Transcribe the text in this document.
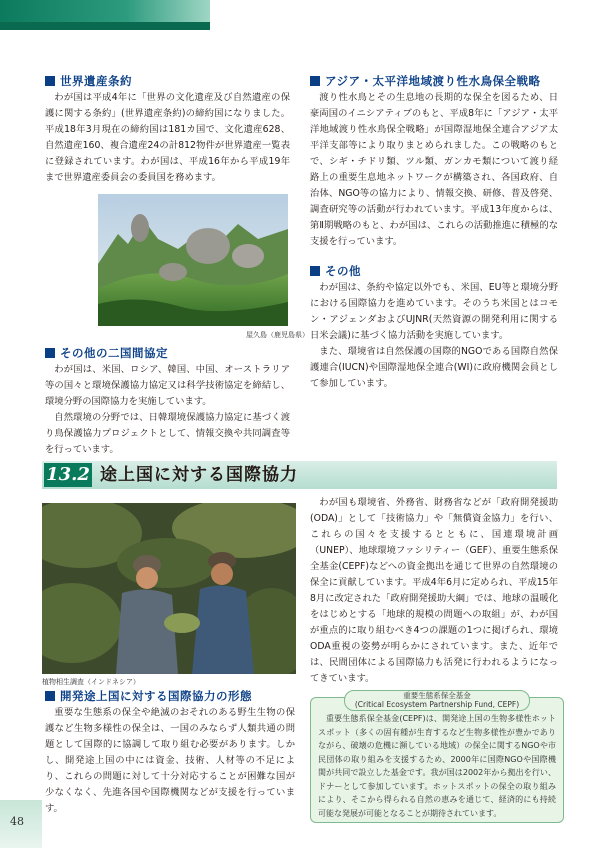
世界遺産条約

わが国は平成4年に「世界の文化遺産及び自然遺産の保護に関する条約」(世界遺産条約)の締約国になりました。平成18年3月現在の締約国は181カ国で、文化遺産628、自然遺産160、複合遺産24の計812物件が世界遺産一覧表に登録されています。わが国は、平成16年から平成19年まで世界遺産委員会の委員国を務めます。

屋久島（鹿児島県）
その他の二国間協定

わが国は、米国、ロシア、韓国、中国、オーストラリア等の国々と環境保護協力協定又は科学技術協定を締結し、環境分野の国際協力を実施しています。

自然環境の分野では、日韓環境保護協力協定に基づく渡り鳥保護協力プロジェクトとして、情報交換や共同調査等を行っています。

アジア・太平洋地域渡り性水鳥保全戦略

渡り性水鳥とその生息地の長期的な保全を図るため、日豪両国のイニシアティブのもと、平成8年に「アジア・太平洋地域渡り性水鳥保全戦略」が国際湿地保全連合アジア太平洋支部等により取りまとめられました。この戦略のもとで、シギ・チドリ類、ツル類、ガンカモ類について渡り経路上の重要生息地ネットワークが構築され、各国政府、自治体、NGO等の協力により、情報交換、研修、普及啓発、調査研究等の活動が行われています。平成13年度からは、第Ⅱ期戦略のもと、わが国は、これらの活動推進に積極的な支援を行っています。

その他

わが国は、条約や協定以外でも、米国、EU等と環境分野における国際協力を進めています。そのうち米国とはコモン・アジェンダおよびUJNR(天然資源の開発利用に関する日米会議)に基づく協力活動を実施しています。

また、環境省は自然保護の国際的NGOである国際自然保護連合(IUCN)や国際湿地保全連合(WI)に政府機関会員として参加しています。

13.2 途上国に対する国際協力
植物相生調査（インドネシア）

わが国も環境省、外務省、財務省などが「政府開発援助(ODA)」として「技術協力」や「無償資金協力」を行い、これらの国々を支援するとともに、国連環境計画（UNEP）、地球環境ファシリティー（GEF）、重要生態系保全基金(CEPF)などへの資金拠出を通じて世界の自然環境の保全に貢献しています。平成4年6月に定められ、平成15年8月に改定された「政府開発援助大綱」では、地球の温暖化をはじめとする「地球的規模の問題への取組」が、わが国が重点的に取り組むべき4つの課題の1つに掲げられ、環境ODA重視の姿勢が明らかにされています。また、近年では、民間団体による国際協力も活発に行われるようになってきています。

開発途上国に対する国際協力の形態

重要な生態系の保全や絶滅のおそれのある野生生物の保護など生物多様性の保全は、一国のみならず人類共通の問題として国際的に協調して取り組む必要があります。しかし、開発途上国の中には資金、技術、人材等の不足により、これらの問題に対して十分対応することが困難な国が少なくなく、先進各国や国際機関などが支援を行っています。

重要生態系保全基金
(Critical Ecosystem Partnership Fund, CEPF)

重要生態系保全基金(CEPF)は、開発途上国の生物多様性ホットスポット（多くの固有種が生育するなど生物多様性が豊かでありながら、破壊の危機に瀕している地域）の保全に関するNGOや市民団体の取り組みを支援するため、2000年に国際NGOや国際機関が共同で設立した基金です。我が国は2002年から拠出を行い、ドナーとして参加しています。ホットスポットの保全の取り組みにより、そこから得られる自然の恵みを通じて、経済的にも持続可能な発展が可能となることが期待されています。

48
